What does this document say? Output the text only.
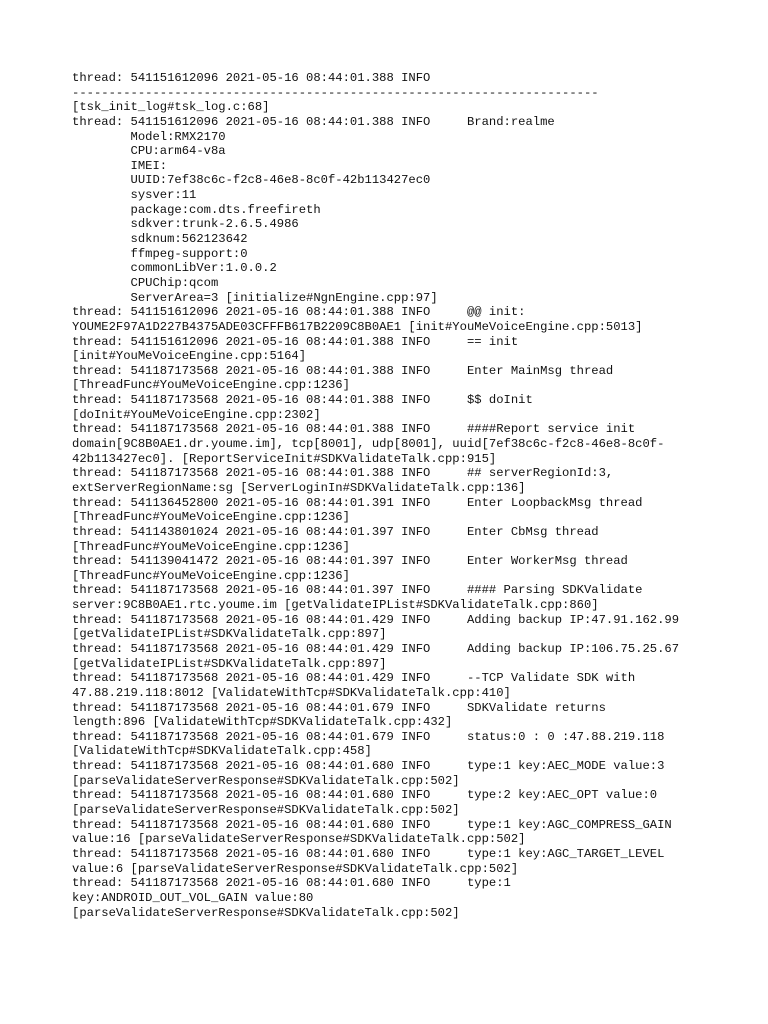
thread: 541151612096 2021-05-16 08:44:01.388 INFO
------------------------------------------------------------------------
[tsk_init_log#tsk_log.c:68]
thread: 541151612096 2021-05-16 08:44:01.388 INFO     Brand:realme
Model:RMX2170
CPU:arm64-v8a
IMEI:
UUID:7ef38c6c-f2c8-46e8-8c0f-42b113427ec0
sysver:11
package:com.dts.freefireth
sdkver:trunk-2.6.5.4986
sdknum:562123642
ffmpeg-support:0
commonLibVer:1.0.0.2
CPUChip:qcom
ServerArea=3 [initialize#NgnEngine.cpp:97]
thread: 541151612096 2021-05-16 08:44:01.388 INFO     @@ init:
YOUME2F97A1D227B4375ADE03CFFFB617B2209C8B0AE1 [init#YouMeVoiceEngine.cpp:5013]
thread: 541151612096 2021-05-16 08:44:01.388 INFO     == init
[init#YouMeVoiceEngine.cpp:5164]
thread: 541187173568 2021-05-16 08:44:01.388 INFO     Enter MainMsg thread
[ThreadFunc#YouMeVoiceEngine.cpp:1236]
thread: 541187173568 2021-05-16 08:44:01.388 INFO     $$ doInit
[doInit#YouMeVoiceEngine.cpp:2302]
thread: 541187173568 2021-05-16 08:44:01.388 INFO     ####Report service init
domain[9C8B0AE1.dr.youme.im], tcp[8001], udp[8001], uuid[7ef38c6c-f2c8-46e8-8c0f-
42b113427ec0]. [ReportServiceInit#SDKValidateTalk.cpp:915]
thread: 541187173568 2021-05-16 08:44:01.388 INFO     ## serverRegionId:3,
extServerRegionName:sg [ServerLoginIn#SDKValidateTalk.cpp:136]
thread: 541136452800 2021-05-16 08:44:01.391 INFO     Enter LoopbackMsg thread
[ThreadFunc#YouMeVoiceEngine.cpp:1236]
thread: 541143801024 2021-05-16 08:44:01.397 INFO     Enter CbMsg thread
[ThreadFunc#YouMeVoiceEngine.cpp:1236]
thread: 541139041472 2021-05-16 08:44:01.397 INFO     Enter WorkerMsg thread
[ThreadFunc#YouMeVoiceEngine.cpp:1236]
thread: 541187173568 2021-05-16 08:44:01.397 INFO     #### Parsing SDKValidate
server:9C8B0AE1.rtc.youme.im [getValidateIPList#SDKValidateTalk.cpp:860]
thread: 541187173568 2021-05-16 08:44:01.429 INFO     Adding backup IP:47.91.162.99
[getValidateIPList#SDKValidateTalk.cpp:897]
thread: 541187173568 2021-05-16 08:44:01.429 INFO     Adding backup IP:106.75.25.67
[getValidateIPList#SDKValidateTalk.cpp:897]
thread: 541187173568 2021-05-16 08:44:01.429 INFO     --TCP Validate SDK with
47.88.219.118:8012 [ValidateWithTcp#SDKValidateTalk.cpp:410]
thread: 541187173568 2021-05-16 08:44:01.679 INFO     SDKValidate returns
length:896 [ValidateWithTcp#SDKValidateTalk.cpp:432]
thread: 541187173568 2021-05-16 08:44:01.679 INFO     status:0 : 0 :47.88.219.118
[ValidateWithTcp#SDKValidateTalk.cpp:458]
thread: 541187173568 2021-05-16 08:44:01.680 INFO     type:1 key:AEC_MODE value:3
[parseValidateServerResponse#SDKValidateTalk.cpp:502]
thread: 541187173568 2021-05-16 08:44:01.680 INFO     type:2 key:AEC_OPT value:0
[parseValidateServerResponse#SDKValidateTalk.cpp:502]
thread: 541187173568 2021-05-16 08:44:01.680 INFO     type:1 key:AGC_COMPRESS_GAIN
value:16 [parseValidateServerResponse#SDKValidateTalk.cpp:502]
thread: 541187173568 2021-05-16 08:44:01.680 INFO     type:1 key:AGC_TARGET_LEVEL
value:6 [parseValidateServerResponse#SDKValidateTalk.cpp:502]
thread: 541187173568 2021-05-16 08:44:01.680 INFO     type:1
key:ANDROID_OUT_VOL_GAIN value:80
[parseValidateServerResponse#SDKValidateTalk.cpp:502]
